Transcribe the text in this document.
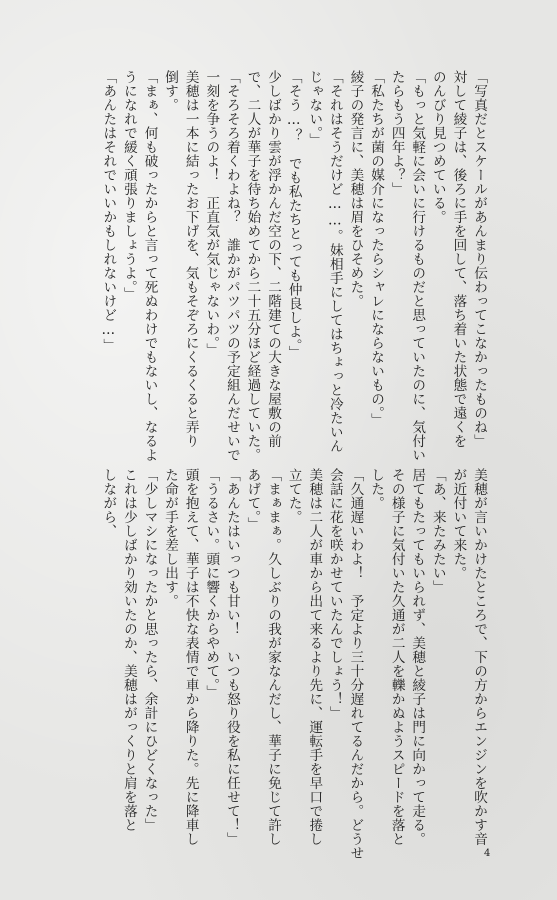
「写真だとスケールがあんまり伝わってこなかったものね」
対して綾子は、後ろに手を回して、落ち着いた状態で遠くを
のんびり見つめている。
「もっと気軽に会いに行けるものだと思っていたのに、気付い
たらもう四年よ？」
「私たちが菌の媒介になったらシャレにならないもの。」
綾子の発言に、美穂は眉をひそめた。
「それはそうだけど……。妹相手にしてはちょっと冷たいん
じゃない。」
「そう…？　でも私たちとっても仲良しよ。」
少しばかり雲が浮かんだ空の下、二階建ての大きな屋敷の前
で、二人が華子を待ち始めてから二十五分ほど経過していた。
「そろそろ着くわよね？　誰かがパツパツの予定組んだせいで
一刻を争うのよ！　正直気が気じゃないわ。」
美穂は一本に結ったお下げを、気もそぞろにくるくると弄り
倒す。
「まぁ、何も破ったからと言って死ぬわけでもないし、なるよ
うになれで緩く頑張りましょうよ。」
「あんたはそれでいいかもしれないけど…」
美穂が言いかけたところで、下の方からエンジンを吹かす音
が近付いて来た。
「あ、来たみたい」
居てもたってもいられず、美穂と綾子は門に向かって走る。
その様子に気付いた久通が二人を轢かぬようスピードを落と
した。
「久通遅いわよ！　予定より三十分遅れてるんだから。どうせ
会話に花を咲かせていたんでしょう！」
美穂は二人が車から出て来るより先に、運転手を早口で捲し
立てた。
「まぁまぁ。久しぶりの我が家なんだし、華子に免じて許し
あげて。」
「あんたはいっつも甘い！　いつも怒り役を私に任せて！」
「うるさい。頭に響くからやめて。」
頭を抱えて、華子は不快な表情で車から降りた。先に降車し
た命が手を差し出す。
「少しマシになったかと思ったら、余計にひどくなった」
これは少しばかり効いたのか、美穂はがっくりと肩を落と
しながら、
4
